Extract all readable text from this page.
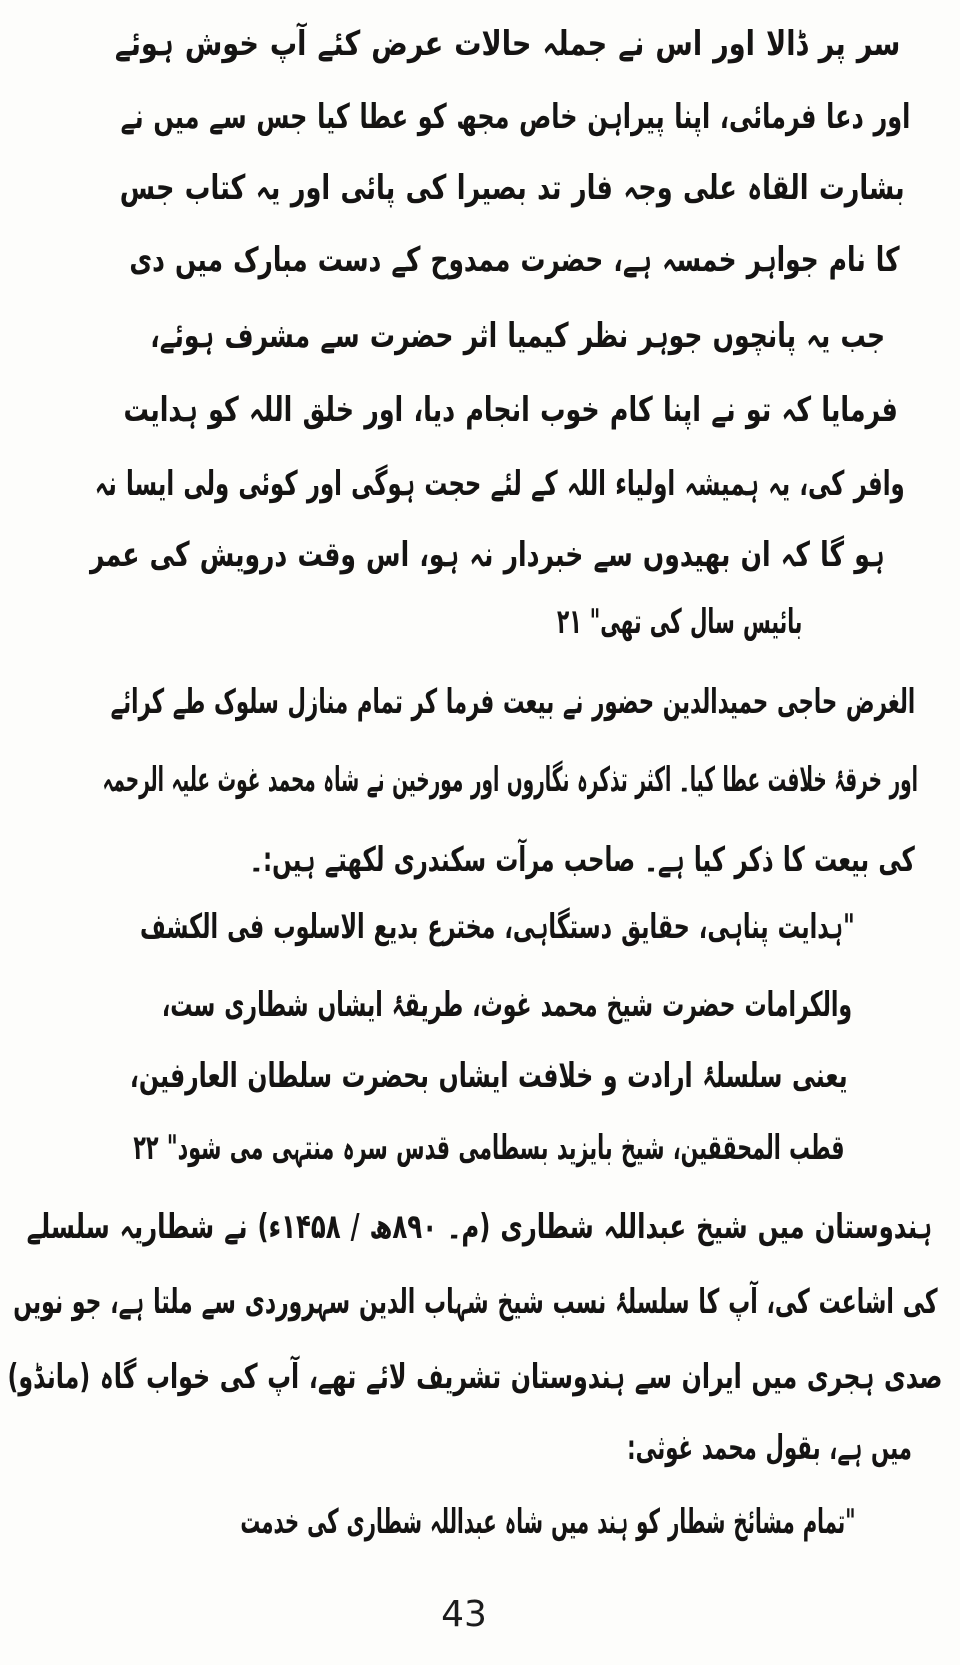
سر پر ڈالا اور اس نے جملہ حالات عرض کئے آپ خوش ہوئے
اور دعا فرمائی، اپنا پیراہن خاص مجھ کو عطا کیا جس سے میں نے
بشارت القاہ علی وجہ فار تد بصیرا کی پائی اور یہ کتاب جس
کا نام جواہر خمسہ ہے، حضرت ممدوح کے دست مبارک میں دی
جب یہ پانچوں جوہر نظر کیمیا اثر حضرت سے مشرف ہوئے،
فرمایا کہ تو نے اپنا کام خوب انجام دیا، اور خلق اللہ کو ہدایت
وافر کی، یہ ہمیشہ اولیاء اللہ کے لئے حجت ہوگی اور کوئی ولی ایسا نہ
ہو گا کہ ان بھیدوں سے خبردار نہ ہو، اس وقت درویش کی عمر
بائیس سال کی تھی" ۲۱
الغرض حاجی حمیدالدین حضور نے بیعت فرما کر تمام منازل سلوک طے کرائے
اور خرقۂ خلافت عطا کیا۔ اکثر تذکرہ نگاروں اور مورخین نے شاہ محمد غوث علیہ الرحمہ
کی بیعت کا ذکر کیا ہے۔ صاحب مرآت سکندری لکھتے ہیں:۔
"ہدایت پناہی، حقایق دستگاہی، مخترع بدیع الاسلوب فی الکشف
والکرامات حضرت شیخ محمد غوث، طریقۂ ایشاں شطاری ست،
یعنی سلسلۂ ارادت و خلافت ایشاں بحضرت سلطان العارفین،
قطب المحققین، شیخ بایزید بسطامی قدس سرہ منتہی می شود" ۲۲
ہندوستان میں شیخ عبداللہ شطاری (م۔ ۸۹۰ھ / ۱۴۵۸ء) نے شطاریہ سلسلے
کی اشاعت کی، آپ کا سلسلۂ نسب شیخ شہاب الدین سہروردی سے ملتا ہے، جو نویں
صدی ہجری میں ایران سے ہندوستان تشریف لائے تھے، آپ کی خواب گاہ (مانڈو)
میں ہے، بقول محمد غوثی:
"تمام مشائخ شطار کو ہند میں شاہ عبداللہ شطاری کی خدمت
43
